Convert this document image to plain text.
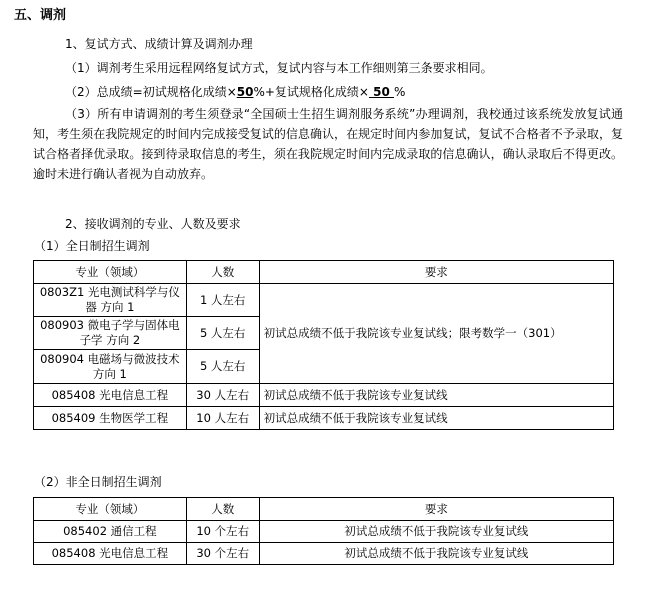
五、调剂
1、复试方式、成绩计算及调剂办理
（1）调剂考生采用远程网络复试方式，复试内容与本工作细则第三条要求相同。
（2）总成绩=初试规格化成绩×50%+复试规格化成绩× 50 %
（3）所有申请调剂的考生须登录“全国硕士生招生调剂服务系统”办理调剂，我校通过该系统发放复试通知，考生须在我院规定的时间内完成接受复试的信息确认，在规定时间内参加复试，复试不合格者不予录取，复试合格者择优录取。接到待录取信息的考生，须在我院规定时间内完成录取的信息确认，确认录取后不得更改。逾时未进行确认者视为自动放弃。
2、接收调剂的专业、人数及要求
（1）全日制招生调剂
专业（领域）	人数	要求
0803Z1 光电测试科学与仪器 方向 1	1 人左右	初试总成绩不低于我院该专业复试线；限考数学一（301）
080903 微电子学与固体电子学 方向 2	5 人左右	
080904 电磁场与微波技术 方向 1	5 人左右	
085408 光电信息工程	30 人左右	初试总成绩不低于我院该专业复试线
085409 生物医学工程	10 人左右	初试总成绩不低于我院该专业复试线
（2）非全日制招生调剂
专业（领域）	人数	要求
085402 通信工程	10 个左右	初试总成绩不低于我院该专业复试线
085408 光电信息工程	30 个左右	初试总成绩不低于我院该专业复试线
